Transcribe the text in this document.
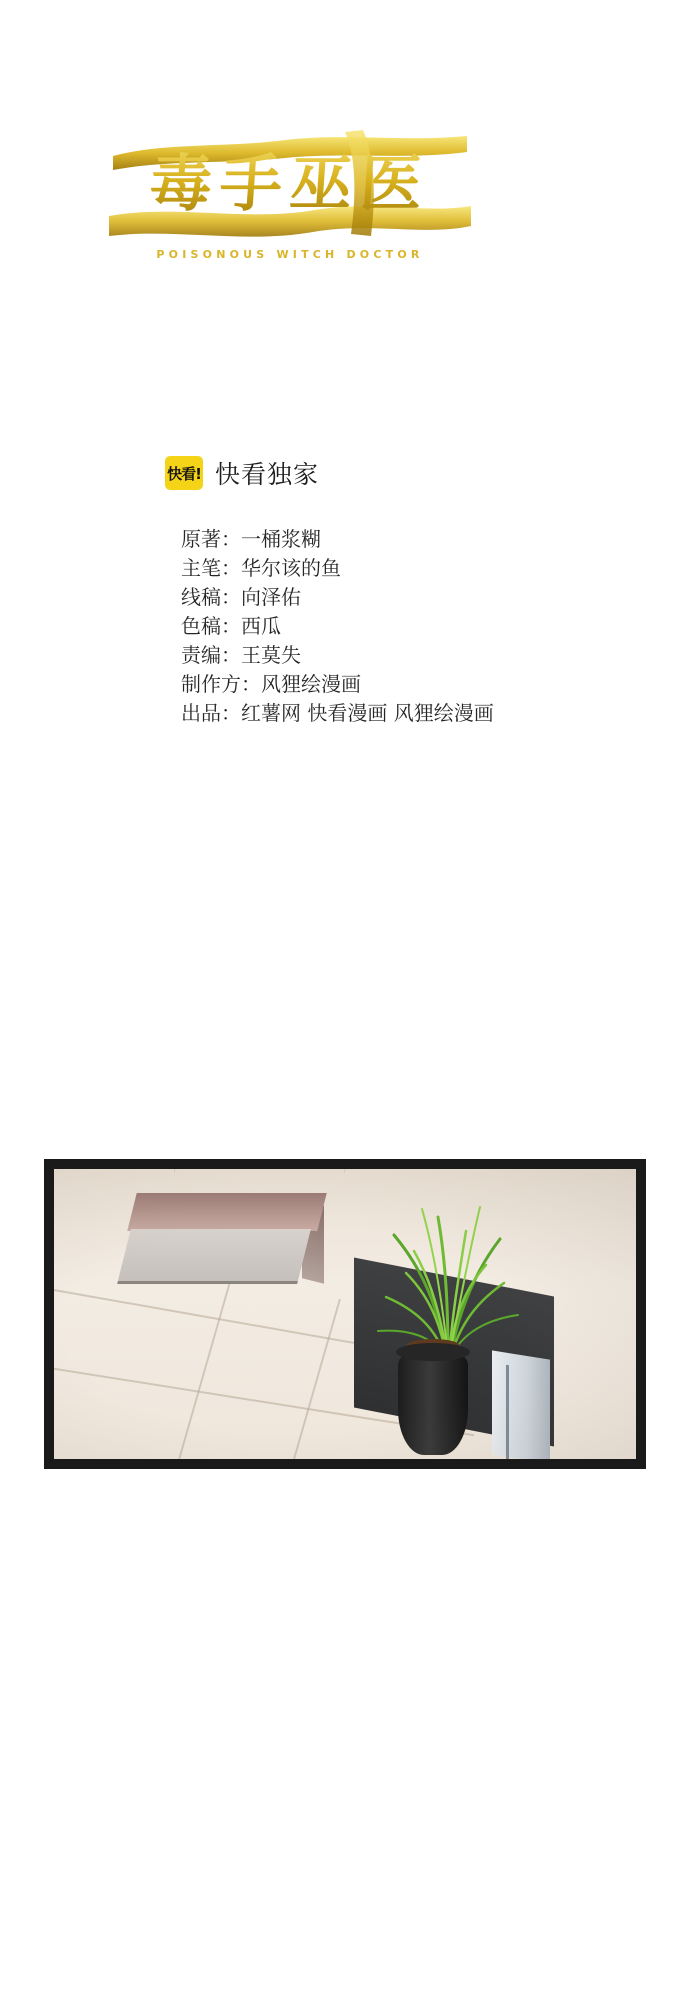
毒手巫医
POISONOUS WITCH DOCTOR
快看! 快看独家
原著：一桶浆糊
主笔：华尔该的鱼
线稿：向泽佑
色稿：西瓜
责编：王莫失
制作方：风狸绘漫画
出品：红薯网 快看漫画 风狸绘漫画
